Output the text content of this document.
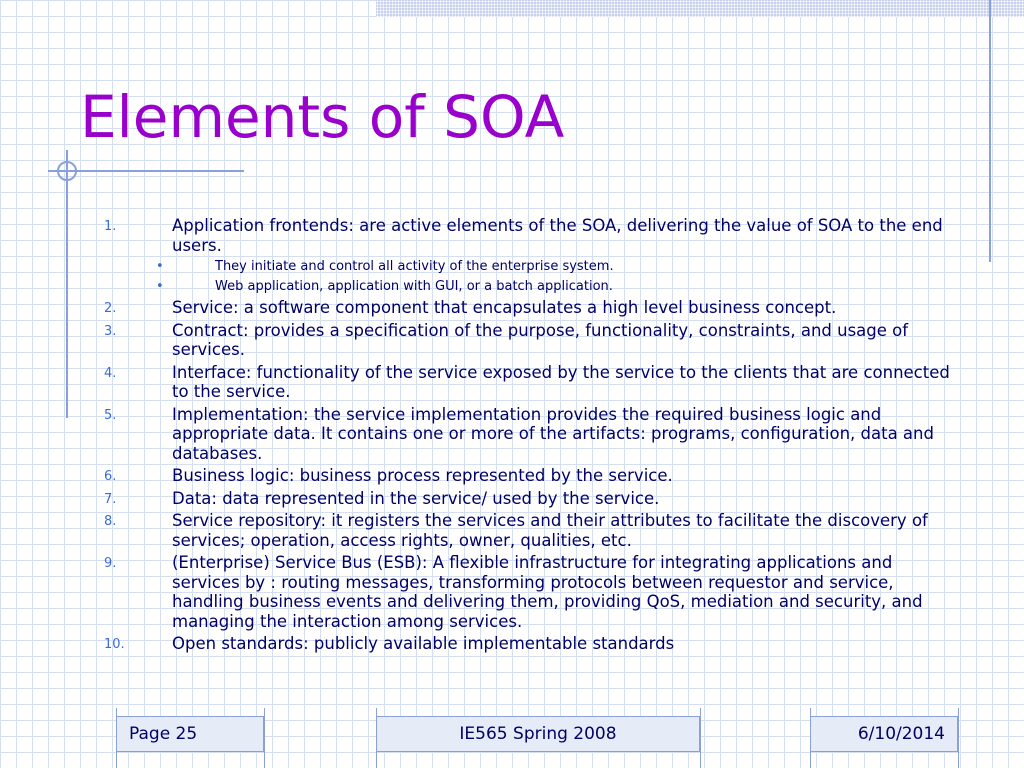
Elements of SOA
1.	Application frontends: are active elements of the SOA, delivering the value of SOA to the end users.
•	They initiate and control all activity of the enterprise system.
•	Web application, application with GUI, or a batch application.
2.	Service: a software component that encapsulates a high level business concept.
3.	Contract: provides a specification of the purpose, functionality, constraints, and usage of services.
4.	Interface: functionality of the service exposed by the service to the clients that are connected to the service.
5.	Implementation: the service implementation provides the required business logic and appropriate data. It contains one or more of the artifacts: programs, configuration, data and databases.
6.	Business logic: business process represented by the service.
7.	Data: data represented in the service/ used by the service.
8.	Service repository: it registers the services and their attributes to facilitate the discovery of services; operation, access rights, owner, qualities, etc.
9.	(Enterprise) Service Bus (ESB): A flexible infrastructure for integrating applications and services by : routing messages, transforming protocols between requestor and service, handling business events and delivering them, providing QoS, mediation and security, and managing the interaction among services.
10.	Open standards: publicly available implementable standards
Page 25	IE565 Spring 2008	6/10/2014
